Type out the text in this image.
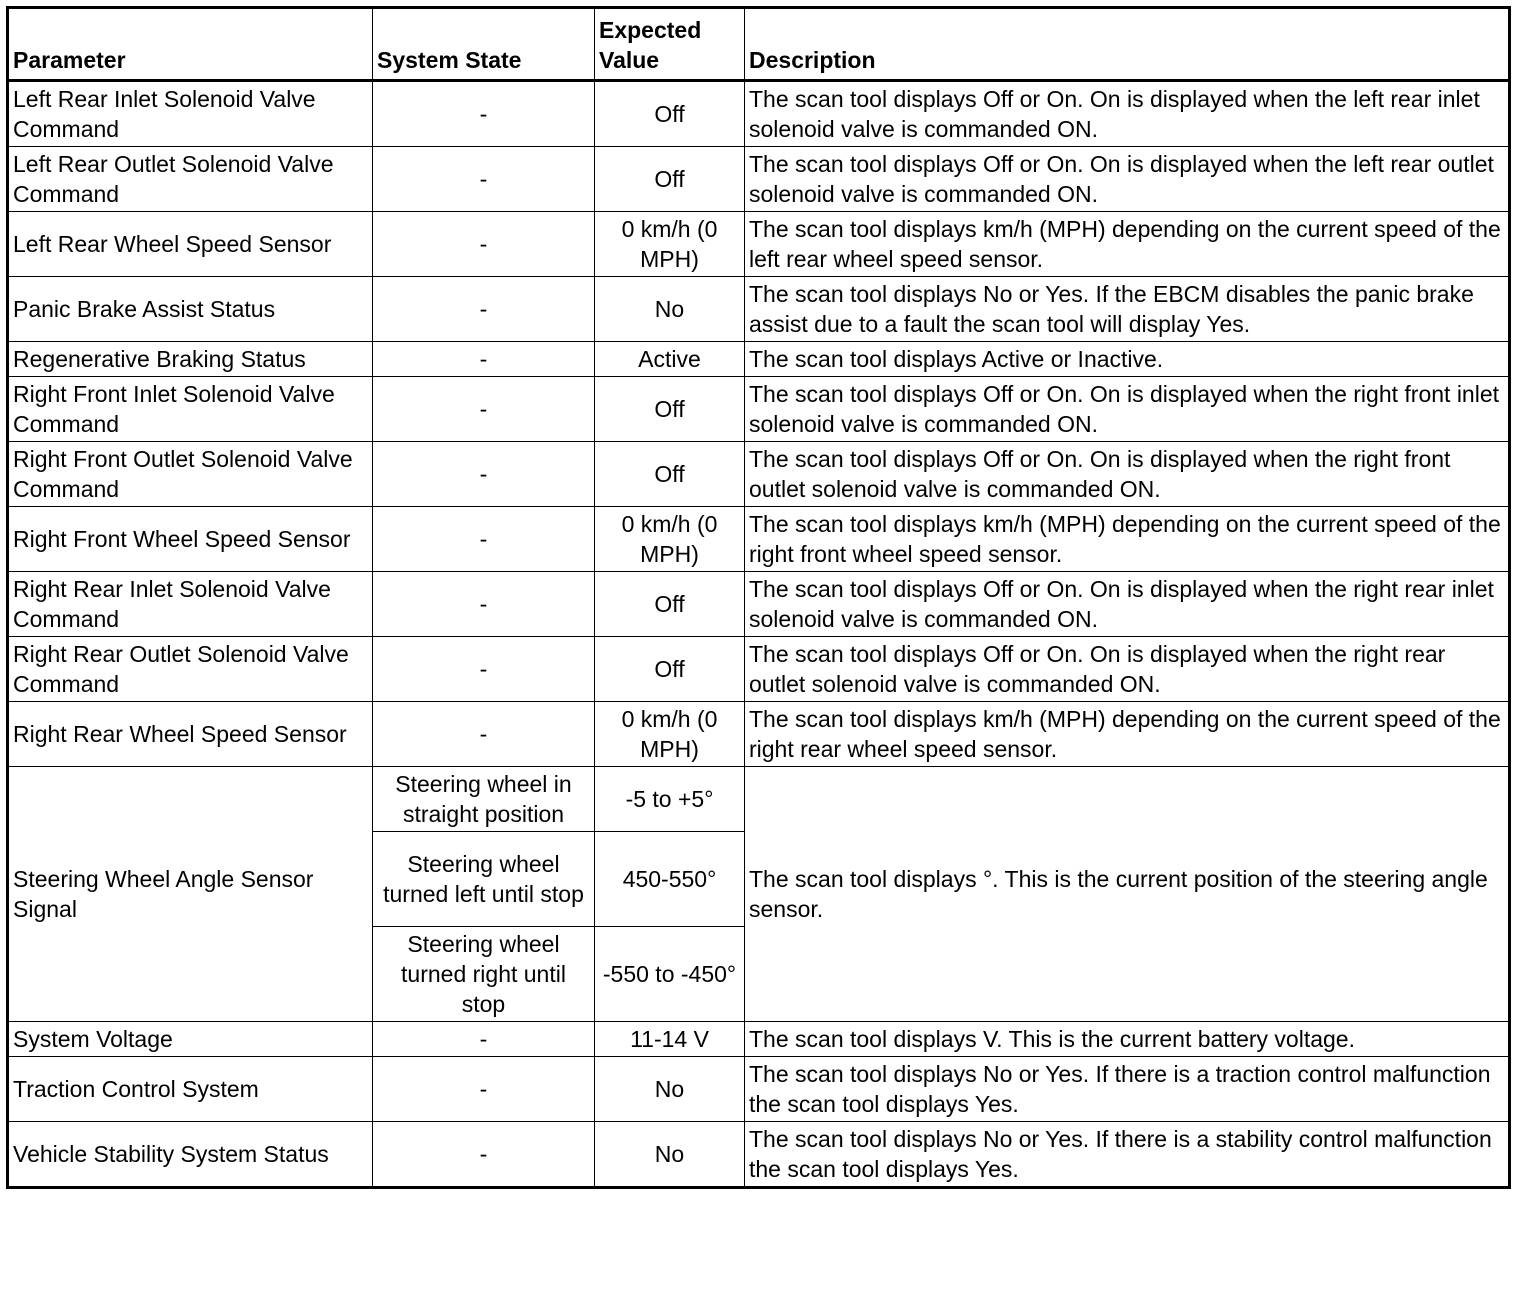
Parameter	System State	Expected Value	Description
Left Rear Inlet Solenoid Valve Command	-	Off	The scan tool displays Off or On. On is displayed when the left rear inlet solenoid valve is commanded ON.
Left Rear Outlet Solenoid Valve Command	-	Off	The scan tool displays Off or On. On is displayed when the left rear outlet solenoid valve is commanded ON.
Left Rear Wheel Speed Sensor	-	0 km/h (0 MPH)	The scan tool displays km/h (MPH) depending on the current speed of the left rear wheel speed sensor.
Panic Brake Assist Status	-	No	The scan tool displays No or Yes. If the EBCM disables the panic brake assist due to a fault the scan tool will display Yes.
Regenerative Braking Status	-	Active	The scan tool displays Active or Inactive.
Right Front Inlet Solenoid Valve Command	-	Off	The scan tool displays Off or On. On is displayed when the right front inlet solenoid valve is commanded ON.
Right Front Outlet Solenoid Valve Command	-	Off	The scan tool displays Off or On. On is displayed when the right front outlet solenoid valve is commanded ON.
Right Front Wheel Speed Sensor	-	0 km/h (0 MPH)	The scan tool displays km/h (MPH) depending on the current speed of the right front wheel speed sensor.
Right Rear Inlet Solenoid Valve Command	-	Off	The scan tool displays Off or On. On is displayed when the right rear inlet solenoid valve is commanded ON.
Right Rear Outlet Solenoid Valve Command	-	Off	The scan tool displays Off or On. On is displayed when the right rear outlet solenoid valve is commanded ON.
Right Rear Wheel Speed Sensor	-	0 km/h (0 MPH)	The scan tool displays km/h (MPH) depending on the current speed of the right rear wheel speed sensor.
Steering Wheel Angle Sensor Signal	Steering wheel in straight position	-5 to +5°	The scan tool displays °. This is the current position of the steering angle sensor.
	Steering wheel turned left until stop	450-550°	
	Steering wheel turned right until stop	-550 to -450°	
System Voltage	-	11-14 V	The scan tool displays V. This is the current battery voltage.
Traction Control System	-	No	The scan tool displays No or Yes. If there is a traction control malfunction the scan tool displays Yes.
Vehicle Stability System Status	-	No	The scan tool displays No or Yes. If there is a stability control malfunction the scan tool displays Yes.
